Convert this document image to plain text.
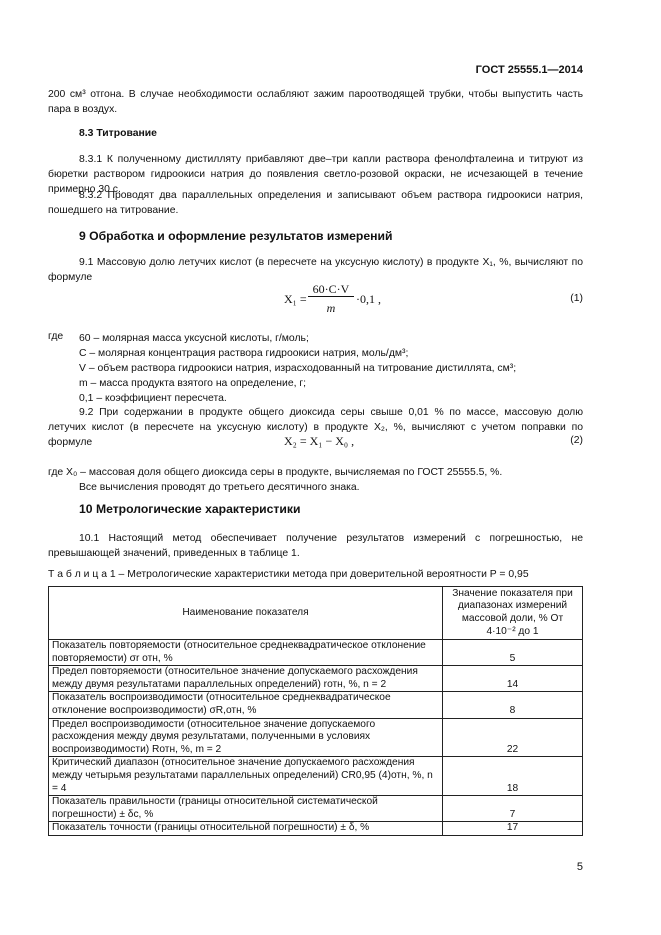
ГОСТ 25555.1—2014
200 см³ отгона. В случае необходимости ослабляют зажим пароотводящей трубки, чтобы выпустить часть пара в воздух.
8.3 Титрование
8.3.1 К полученному дистилляту прибавляют две–три капли раствора фенолфталеина и титруют из бюретки раствором гидроокиси натрия до появления светло-розовой окраски, не исчезающей в течение примерно 30 с.
8.3.2 Проводят два параллельных определения и записывают объем раствора гидроокиси натрия, пошедшего на титрование.
9 Обработка и оформление результатов измерений
9.1 Массовую долю летучих кислот (в пересчете на уксусную кислоту) в продукте X₁, %, вычисляют по формуле
X₁ =
60·C·V
m
·0,1 ,	(1)
где 60 – молярная масса уксусной кислоты, г/моль;
C – молярная концентрация раствора гидроокиси натрия, моль/дм³;
V – объем раствора гидроокиси натрия, израсходованный на титрование дистиллята, см³;
m – масса продукта взятого на определение, г;
0,1 – коэффициент пересчета.
9.2 При содержании в продукте общего диоксида серы свыше 0,01 % по массе, массовую долю летучих кислот (в пересчете на уксусную кислоту) в продукте X₂, %, вычисляют с учетом поправки по формуле	X₂ = X₁ − X₀ ,	(2)
где X₀ – массовая доля общего диоксида серы в продукте, вычисляемая по ГОСТ 25555.5, %.
Все вычисления проводят до третьего десятичного знака.
10 Метрологические характеристики
10.1 Настоящий метод обеспечивает получение результатов измерений с погрешностью, не превышающей значений, приведенных в таблице 1.
Т а б л и ц а 1 – Метрологические характеристики метода при доверительной вероятности P = 0,95
Наименование показателя	Значение показателя при диапазонах измерений массовой доли, % От 4·10⁻² до 1
Показатель повторяемости (относительное среднеквадратическое отклонение повторяемости) σr отн, %	5
Предел повторяемости (относительное значение допускаемого расхождения между двумя результатами параллельных определений) rотн, %, n = 2	14
Показатель воспроизводимости (относительное среднеквадратическое отклонение воспроизводимости) σR,отн, %	8
Предел воспроизводимости (относительное значение допускаемого расхождения между двумя результатами, полученными в условиях воспроизводимости) Rотн, %, m = 2	22
Критический диапазон (относительное значение допускаемого расхождения между четырьмя результатами параллельных определений) CR0,95 (4)отн, %, n = 4	18
Показатель правильности (границы относительной систематической погрешности) ± δc, %	7
Показатель точности (границы относительной погрешности) ± δ, %	17
5
